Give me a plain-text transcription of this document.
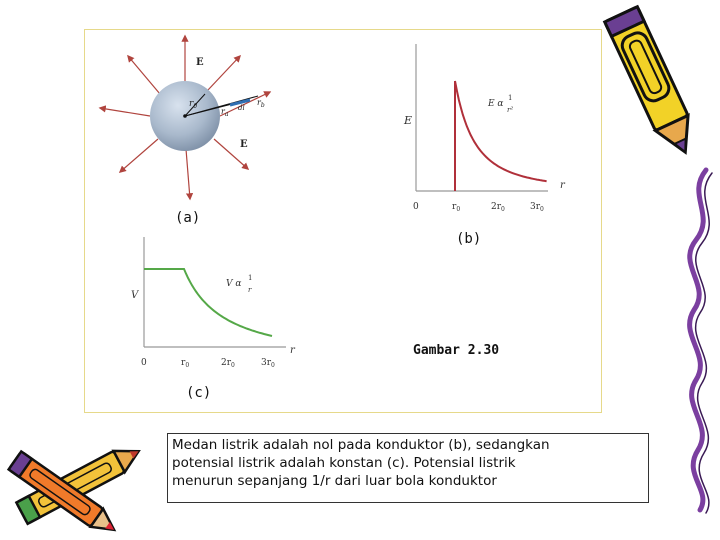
E
E
$r_0$
$r_a$
$r_b$
dl
(a)
E
r
0	$r_0$	$2r_0$	$3r_0$
E α
1
r²
(b)
V
r
0	$r_0$	$2r_0$	$3r_0$
V α
1
r
Gambar 2.30
(c)
Medan listrik adalah nol pada konduktor (b), sedangkan
potensial listrik adalah konstan (c). Potensial listrik
menurun sepanjang 1/r dari luar bola konduktor
